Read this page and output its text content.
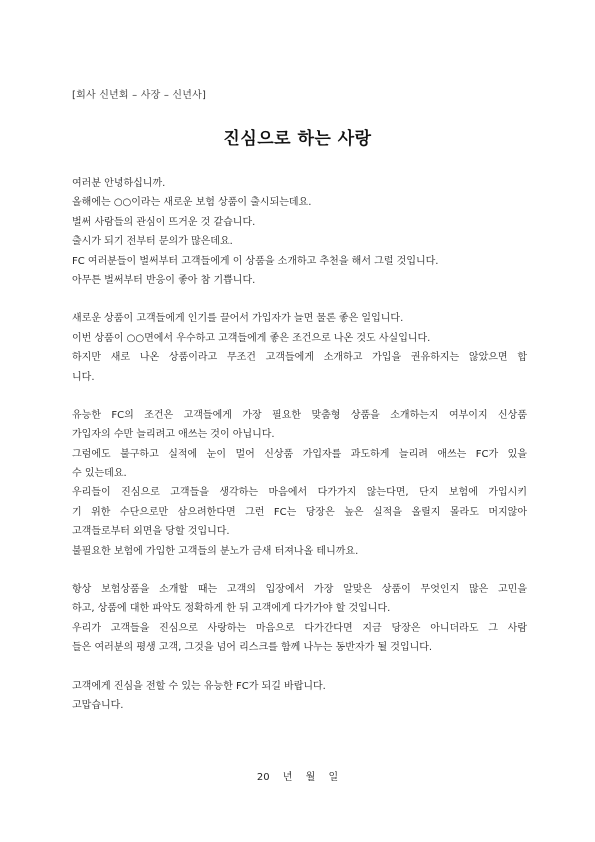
[회사 신년회 – 사장 – 신년사]
진심으로 하는 사랑
여러분 안녕하십니까.
올해에는 ○○이라는 새로운 보험 상품이 출시되는데요.
벌써 사람들의 관심이 뜨거운 것 같습니다.
출시가 되기 전부터 문의가 많은데요.
FC 여러분들이 벌써부터 고객들에게 이 상품을 소개하고 추천을 해서 그럴 것입니다.
아무튼 벌써부터 반응이 좋아 참 기쁩니다.
새로운 상품이 고객들에게 인기를 끌어서 가입자가 늘면 물론 좋은 일입니다.
이번 상품이 ○○면에서 우수하고 고객들에게 좋은 조건으로 나온 것도 사실입니다.
하지만 새로 나온 상품이라고 무조건 고객들에게 소개하고 가입을 권유하지는 않았으면 합
니다.
유능한 FC의 조건은 고객들에게 가장 필요한 맞춤형 상품을 소개하는지 여부이지 신상품
가입자의 수만 늘리려고 애쓰는 것이 아닙니다.
그럼에도 불구하고 실적에 눈이 멀어 신상품 가입자를 과도하게 늘리려 애쓰는 FC가 있을
수 있는데요.
우리들이 진심으로 고객들을 생각하는 마음에서 다가가지 않는다면, 단지 보험에 가입시키
기 위한 수단으로만 삼으려한다면 그런 FC는 당장은 높은 실적을 올릴지 몰라도 머지않아
고객들로부터 외면을 당할 것입니다.
불필요한 보험에 가입한 고객들의 분노가 금새 터져나올 테니까요.
항상 보험상품을 소개할 때는 고객의 입장에서 가장 알맞은 상품이 무엇인지 많은 고민을
하고, 상품에 대한 파악도 정확하게 한 뒤 고객에게 다가가야 할 것입니다.
우리가 고객들을 진심으로 사랑하는 마음으로 다가간다면 지금 당장은 아니더라도 그 사람
들은 여러분의 평생 고객, 그것을 넘어 리스크를 함께 나누는 동반자가 될 것입니다.
고객에게 진심을 전할 수 있는 유능한 FC가 되길 바랍니다.
고맙습니다.
20 년 월 일
